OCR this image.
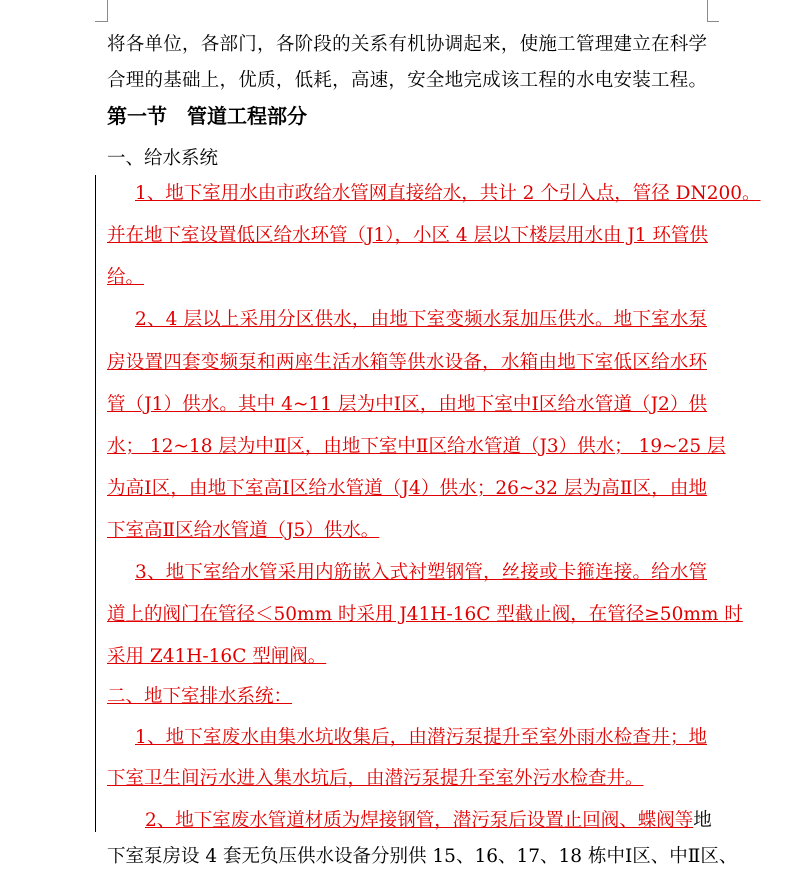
将各单位，各部门，各阶段的关系有机协调起来，使施工管理建立在科学
合理的基础上，优质，低耗，高速，安全地完成该工程的水电安装工程。
第一节　管道工程部分
一、给水系统
1、地下室用水由市政给水管网直接给水，共计 2 个引入点，管径 DN200。
并在地下室设置低区给水环管（J1），小区 4 层以下楼层用水由 J1 环管供
给。
2、4 层以上采用分区供水，由地下室变频水泵加压供水。地下室水泵
房设置四套变频泵和两座生活水箱等供水设备，水箱由地下室低区给水环
管（J1）供水。其中 4~11 层为中Ⅰ区，由地下室中Ⅰ区给水管道（J2）供
水； 12~18 层为中Ⅱ区，由地下室中Ⅱ区给水管道（J3）供水； 19~25 层
为高Ⅰ区，由地下室高Ⅰ区给水管道（J4）供水；26~32 层为高Ⅱ区，由地
下室高Ⅱ区给水管道（J5）供水。
3、地下室给水管采用内筋嵌入式衬塑钢管，丝接或卡箍连接。给水管
道上的阀门在管径＜50mm 时采用 J41H-16C 型截止阀，在管径≥50mm 时
采用 Z41H-16C 型闸阀。
二、地下室排水系统：
1、地下室废水由集水坑收集后，由潜污泵提升至室外雨水检查井；地
下室卫生间污水进入集水坑后，由潜污泵提升至室外污水检查井。
2、地下室废水管道材质为焊接钢管，潜污泵后设置止回阀、蝶阀等地
下室泵房设 4 套无负压供水设备分别供 15、16、17、18 栋中Ⅰ区、中Ⅱ区、
